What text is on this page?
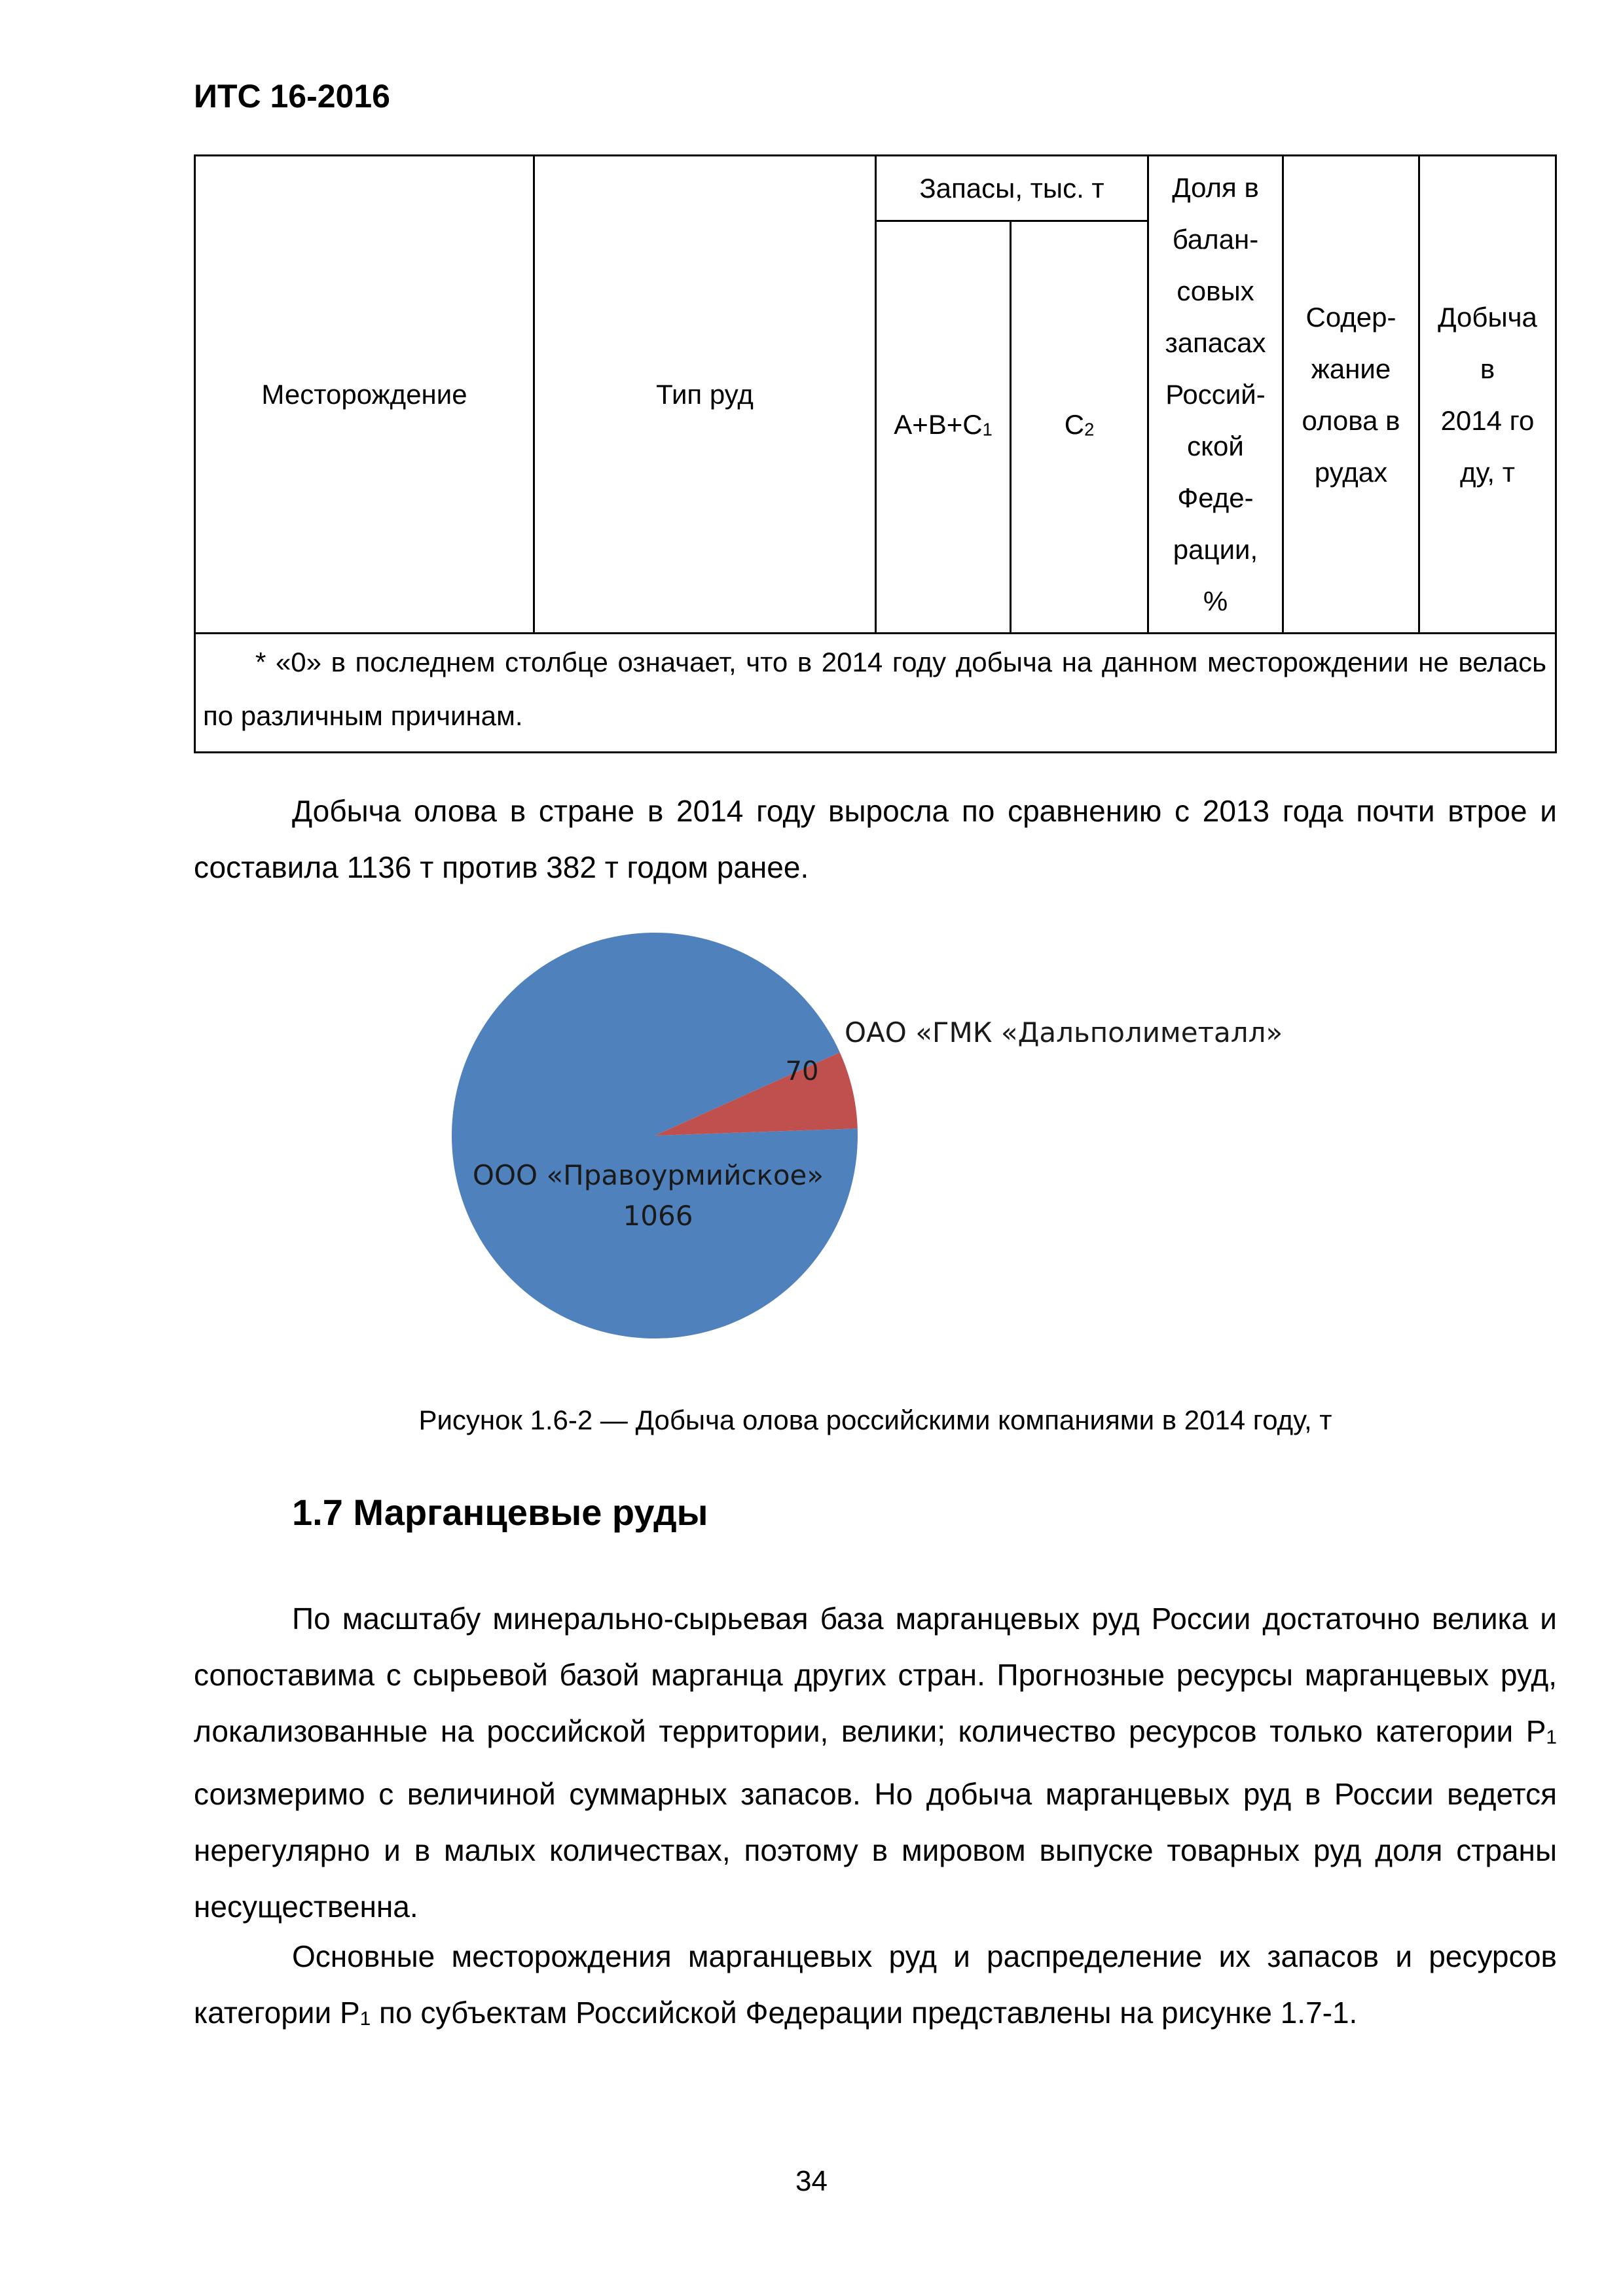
ИТС 16-2016
Месторождение	Тип руд
Запасы, тыс. т
$А+В+С_1$	$С_2$
Доля в
балан-
совых
запасах
Россий-
ской
Феде-
рации,
%
Содер-
жание
олова в
рудах
Добыча
в
2014 го
ду, т
* «0» в последнем столбце означает, что в 2014 году добыча на данном месторождении не велась по различным причинам.
Добыча олова в стране в 2014 году выросла по сравнению с 2013 года почти втрое и составила 1136 т против 382 т годом ранее.
ООО «Правоурмийское»
1066
70
ОАО «ГМК «Дальполиметалл»
Рисунок 1.6-2 — Добыча олова российскими компаниями в 2014 году, т
1.7 Марганцевые руды
По масштабу минерально-сырьевая база марганцевых руд России достаточно велика и сопоставима с сырьевой базой марганца других стран. Прогнозные ресурсы марганцевых руд, локализованные на российской территории, велики; количество ресурсов только категории $Р_1$ соизмеримо с величиной суммарных запасов. Но добыча марганцевых руд в России ведется нерегулярно и в малых количествах, поэтому в мировом выпуске товарных руд доля страны несущественна.
Основные месторождения марганцевых руд и распределение их запасов и ресурсов категории $Р_1$ по субъектам Российской Федерации представлены на рисунке 1.7-1.
34
